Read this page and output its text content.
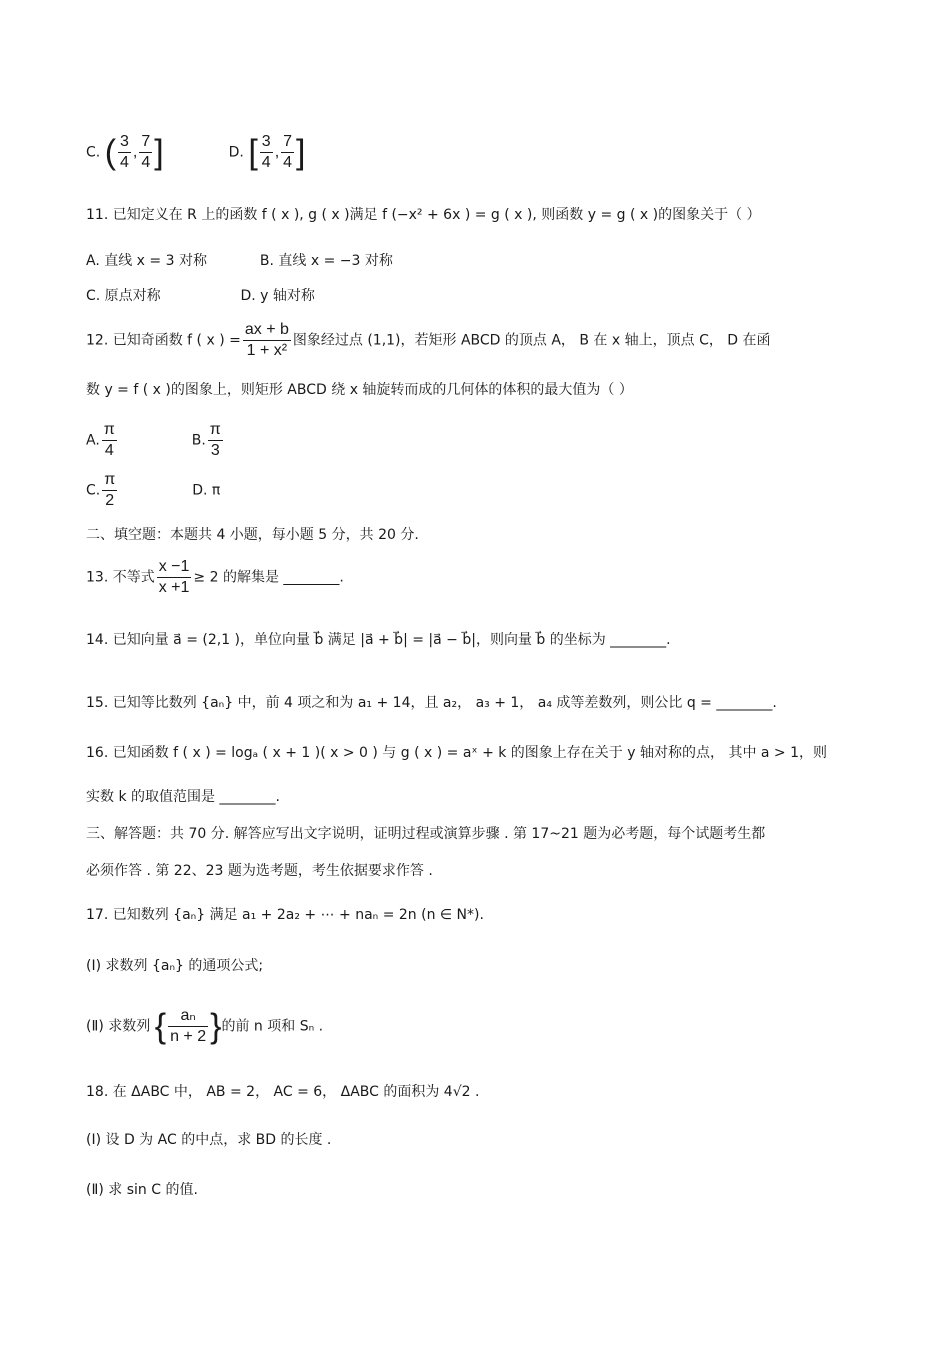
C. ( $\frac{3}{4}$ , $\frac{7}{4}$ ]	D. [ $\frac{3}{4}$ , $\frac{7}{4}$ ]
11. 已知定义在 R 上的函数 f ( x ), g ( x )满足 f (−x² + 6x ) = g ( x ), 则函数 y = g ( x )的图象关于（ ）
A. 直线 x = 3 对称	B. 直线 x = −3 对称
C. 原点对称	D. y 轴对称
12. 已知奇函数 f ( x ) = $\frac{ax + b}{\text{1 + x²}}$ 图象经过点 (1,1)，若矩形 ABCD 的顶点 A， B 在 x 轴上，顶点 C， D 在函
数 y = f ( x )的图象上，则矩形 ABCD 绕 x 轴旋转而成的几何体的体积的最大值为（ ）
A. $\frac{\pi}{4}$	B. $\frac{\pi}{3}$
C. $\frac{\pi}{2}$	D. π
二、填空题：本题共 4 小题，每小题 5 分，共 20 分.
13. 不等式 $\frac{x -1}{x +1} \ge 2$ 的解集是 ________.
14. 已知向量 a⃗ = (2,1 )，单位向量 b⃗ 满足 |a⃗ + b⃗| = |a⃗ − b⃗|，则向量 b⃗ 的坐标为 ________.
15. 已知等比数列 {aₙ} 中，前 4 项之和为 a₁ + 14，且 a₂， a₃ + 1， a₄ 成等差数列，则公比 q = ________.
16. 已知函数 f ( x ) = logₐ ( x + 1 )( x > 0 ) 与 g ( x ) = aˣ + k 的图象上存在关于 y 轴对称的点， 其中 a > 1，则
实数 k 的取值范围是 ________.
三、解答题：共 70 分. 解答应写出文字说明，证明过程或演算步骤 . 第 17~21 题为必考题，每个试题考生都
必须作答 . 第 22、23 题为选考题，考生依据要求作答 .
17. 已知数列 {aₙ} 满足 a₁ + 2a₂ + ⋯ + naₙ = 2n (n ∈ N*).
(Ⅰ) 求数列 {aₙ} 的通项公式;
(Ⅱ) 求数列 { $\frac{\text{aₙ}}{n + 2}$ }的前 n 项和 Sₙ .
18. 在 ΔABC 中， AB = 2， AC = 6， ΔABC 的面积为 4√2 .
(Ⅰ) 设 D 为 AC 的中点，求 BD 的长度 .
(Ⅱ) 求 sin C 的值.
